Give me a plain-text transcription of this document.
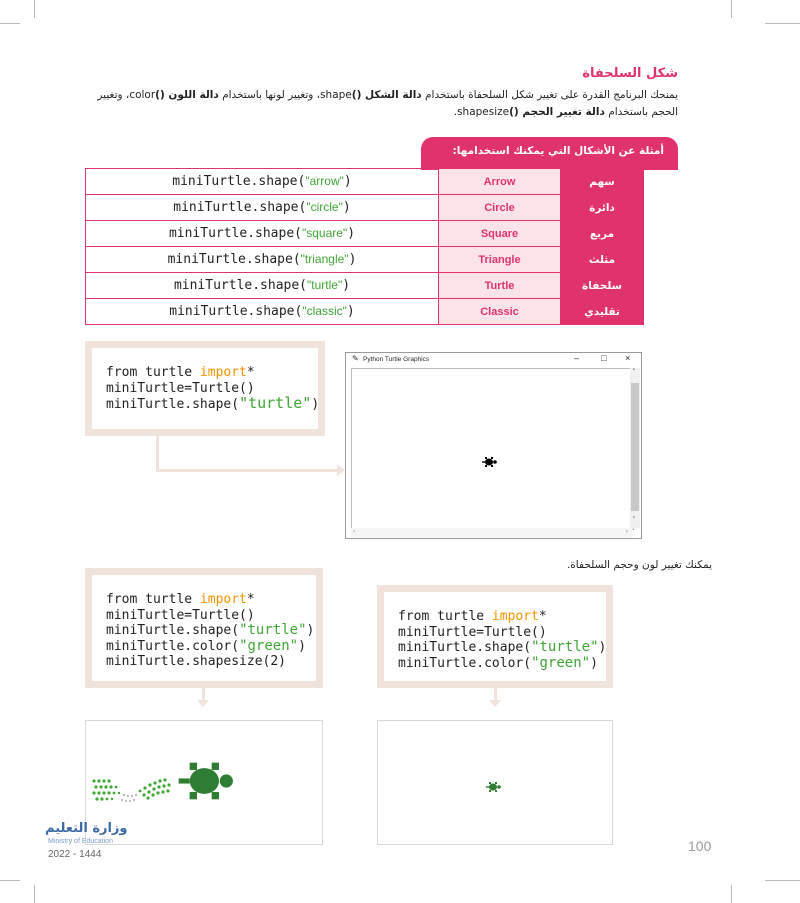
شكل السلحفاة
يمنحك البرنامج القدرة على تغيير شكل السلحفاة باستخدام دالة الشكل ()shape، وتغيير لونها باستخدام دالة اللون ()color، وتغيير الحجم باستخدام دالة تغيير الحجم ()shapesize.
أمثلة عن الأشكال التي يمكنك استخدامها:
miniTurtle.shape("arrow")	Arrow	سهم
miniTurtle.shape("circle")	Circle	دائرة
miniTurtle.shape("square")	Square	مربع
miniTurtle.shape("triangle")	Triangle	مثلث
miniTurtle.shape("turtle")	Turtle	سلحفاة
miniTurtle.shape("classic")	Classic	تقليدي
from turtle import*
miniTurtle=Turtle()
miniTurtle.shape("turtle")
✎ Python Turtle Graphics	– □ ×
˄
˅
‹	›
يمكنك تغيير لون وحجم السلحفاة.
from turtle import*
miniTurtle=Turtle()
miniTurtle.shape("turtle")
miniTurtle.color("green")
miniTurtle.shapesize(2)
from turtle import*
miniTurtle=Turtle()
miniTurtle.shape("turtle")
miniTurtle.color("green")
وزارة التعليم
Ministry of Education
2022 - 1444
100
